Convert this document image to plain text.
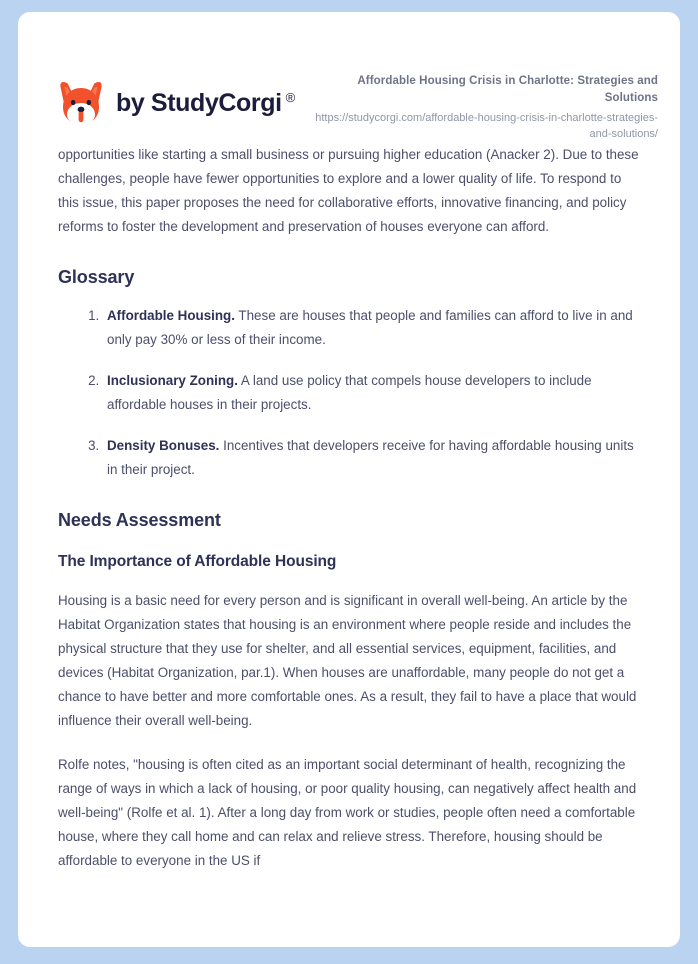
by StudyCorgi ®
Affordable Housing Crisis in Charlotte: Strategies and Solutions
https://studycorgi.com/affordable-housing-crisis-in-charlotte-strategies-and-solutions/

opportunities like starting a small business or pursuing higher education (Anacker 2). Due to these challenges, people have fewer opportunities to explore and a lower quality of life. To respond to this issue, this paper proposes the need for collaborative efforts, innovative financing, and policy reforms to foster the development and preservation of houses everyone can afford.

Glossary
1. Affordable Housing. These are houses that people and families can afford to live in and only pay 30% or less of their income.
2. Inclusionary Zoning. A land use policy that compels house developers to include affordable houses in their projects.
3. Density Bonuses. Incentives that developers receive for having affordable housing units in their project.
Needs Assessment
The Importance of Affordable Housing

Housing is a basic need for every person and is significant in overall well-being. An article by the Habitat Organization states that housing is an environment where people reside and includes the physical structure that they use for shelter, and all essential services, equipment, facilities, and devices (Habitat Organization, par.1). When houses are unaffordable, many people do not get a chance to have better and more comfortable ones. As a result, they fail to have a place that would influence their overall well-being.

Rolfe notes, "housing is often cited as an important social determinant of health, recognizing the range of ways in which a lack of housing, or poor quality housing, can negatively affect health and well-being" (Rolfe et al. 1). After a long day from work or studies, people often need a comfortable house, where they call home and can relax and relieve stress. Therefore, housing should be affordable to everyone in the US if
